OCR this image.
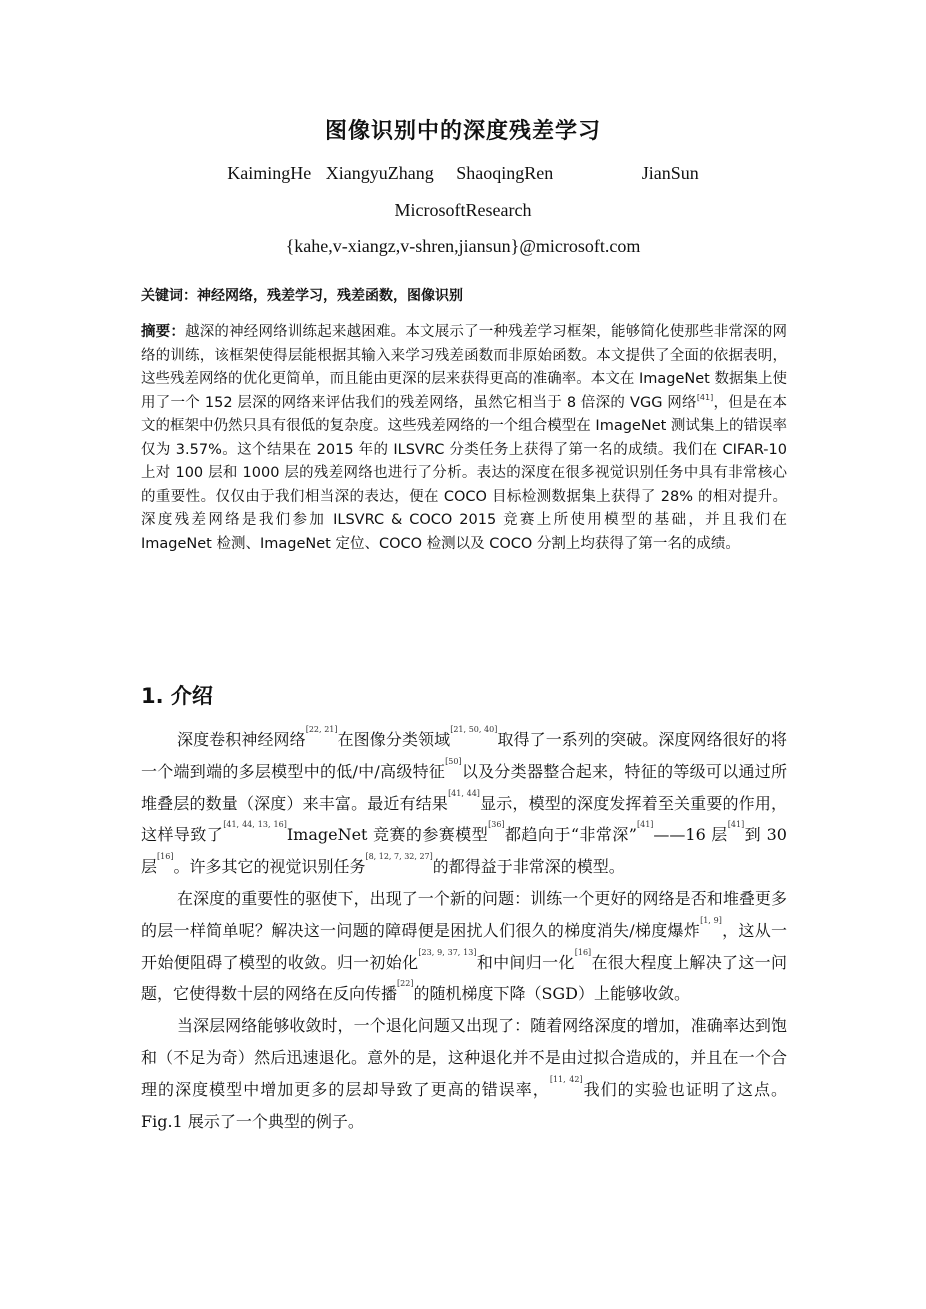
图像识别中的深度残差学习
KaimingHe XiangyuZhang ShaoqingRen	JianSun
MicrosoftResearch
{kahe,v-xiangz,v-shren,jiansun}@microsoft.com
关键词：神经网络，残差学习，残差函数，图像识别
摘要：越深的神经网络训练起来越困难。本文展示了一种残差学习框架，能够简化使那些非常深的网络的训练，该框架使得层能根据其输入来学习残差函数而非原始函数。本文提供了全面的依据表明，这些残差网络的优化更简单，而且能由更深的层来获得更高的准确率。本文在 ImageNet 数据集上使用了一个 152 层深的网络来评估我们的残差网络，虽然它相当于 8 倍深的 VGG 网络[41]，但是在本文的框架中仍然只具有很低的复杂度。这些残差网络的一个组合模型在 ImageNet 测试集上的错误率仅为 3.57%。这个结果在 2015 年的 ILSVRC 分类任务上获得了第一名的成绩。我们在 CIFAR-10 上对 100 层和 1000 层的残差网络也进行了分析。表达的深度在很多视觉识别任务中具有非常核心的重要性。仅仅由于我们相当深的表达，便在 COCO 目标检测数据集上获得了 28% 的相对提升。 深度残差网络是我们参加 ILSVRC & COCO 2015 竞赛上所使用模型的基础，并且我们在 ImageNet 检测、ImageNet 定位、COCO 检测以及 COCO 分割上均获得了第一名的成绩。
1. 介绍

深度卷积神经网络[22, 21]在图像分类领域[21, 50, 40]取得了一系列的突破。深度网络很好的将一个端到端的多层模型中的低/中/高级特征[50]以及分类器整合起来，特征的等级可以通过所堆叠层的数量（深度）来丰富。最近有结果[41, 44]显示，模型的深度发挥着至关重要的作用，这样导致了[41, 44, 13, 16]ImageNet 竞赛的参赛模型[36]都趋向于“非常深”[41]——16 层[41]到 30 层[16]。许多其它的视觉识别任务[8, 12, 7, 32, 27]的都得益于非常深的模型。

在深度的重要性的驱使下，出现了一个新的问题：训练一个更好的网络是否和堆叠更多的层一样简单呢？解决这一问题的障碍便是困扰人们很久的梯度消失/梯度爆炸[1, 9]，这从一开始便阻碍了模型的收敛。归一初始化[23, 9, 37, 13]和中间归一化[16]在很大程度上解决了这一问题，它使得数十层的网络在反向传播[22]的随机梯度下降（SGD）上能够收敛。

当深层网络能够收敛时，一个退化问题又出现了：随着网络深度的增加，准确率达到饱和（不足为奇）然后迅速退化。意外的是，这种退化并不是由过拟合造成的，并且在一个合理的深度模型中增加更多的层却导致了更高的错误率，[11, 42]我们的实验也证明了这点。Fig.1 展示了一个典型的例子。
